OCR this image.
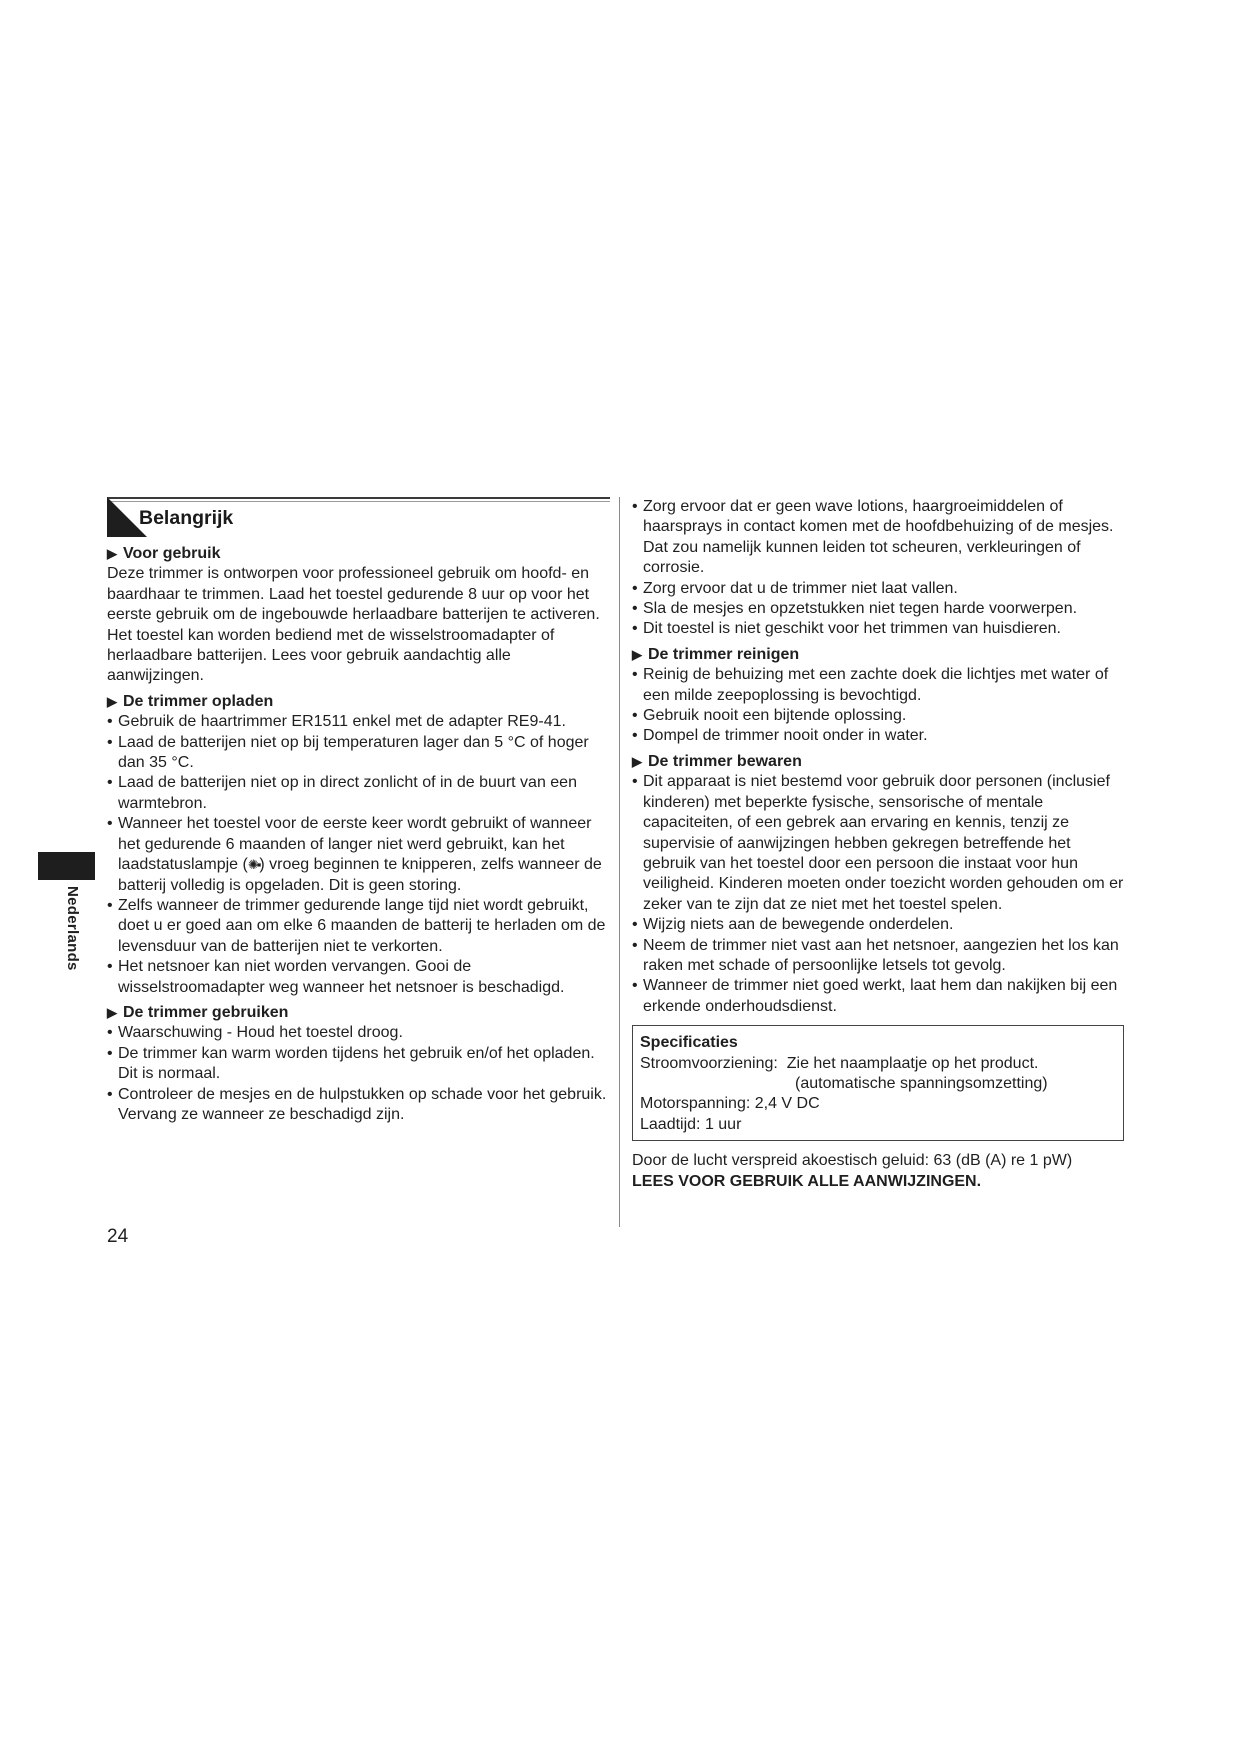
Nederlands
Belangrijk
▶ Voor gebruik

Deze trimmer is ontworpen voor professioneel gebruik om hoofd- en baardhaar te trimmen. Laad het toestel gedurende 8 uur op voor het eerste gebruik om de ingebouwde herlaadbare batterijen te activeren. Het toestel kan worden bediend met de wisselstroomadapter of herlaadbare batterijen. Lees voor gebruik aandachtig alle aanwijzingen.

▶ De trimmer opladen
• Gebruik de haartrimmer ER1511 enkel met de adapter RE9-41.
• Laad de batterijen niet op bij temperaturen lager dan 5 °C of hoger dan 35 °C.
• Laad de batterijen niet op in direct zonlicht of in de buurt van een warmtebron.
• Wanneer het toestel voor de eerste keer wordt gebruikt of wanneer het gedurende 6 maanden of langer niet werd gebruikt, kan het laadstatuslampje (✺▪) vroeg beginnen te knipperen, zelfs wanneer de batterij volledig is opgeladen. Dit is geen storing.
• Zelfs wanneer de trimmer gedurende lange tijd niet wordt gebruikt, doet u er goed aan om elke 6 maanden de batterij te herladen om de levensduur van de batterijen niet te verkorten.
• Het netsnoer kan niet worden vervangen. Gooi de wisselstroomadapter weg wanneer het netsnoer is beschadigd.
▶ De trimmer gebruiken
• Waarschuwing - Houd het toestel droog.
• De trimmer kan warm worden tijdens het gebruik en/of het opladen. Dit is normaal.
• Controleer de mesjes en de hulpstukken op schade voor het gebruik. Vervang ze wanneer ze beschadigd zijn.
• Zorg ervoor dat er geen wave lotions, haargroeimiddelen of haarsprays in contact komen met de hoofdbehuizing of de mesjes.

Dat zou namelijk kunnen leiden tot scheuren, verkleuringen of corrosie.

• Zorg ervoor dat u de trimmer niet laat vallen.
• Sla de mesjes en opzetstukken niet tegen harde voorwerpen.
• Dit toestel is niet geschikt voor het trimmen van huisdieren.
▶ De trimmer reinigen
• Reinig de behuizing met een zachte doek die lichtjes met water of een milde zeepoplossing is bevochtigd.
• Gebruik nooit een bijtende oplossing.
• Dompel de trimmer nooit onder in water.
▶ De trimmer bewaren
• Dit apparaat is niet bestemd voor gebruik door personen (inclusief kinderen) met beperkte fysische, sensorische of mentale capaciteiten, of een gebrek aan ervaring en kennis, tenzij ze supervisie of aanwijzingen hebben gekregen betreffende het gebruik van het toestel door een persoon die instaat voor hun veiligheid. Kinderen moeten onder toezicht worden gehouden om er zeker van te zijn dat ze niet met het toestel spelen.
• Wijzig niets aan de bewegende onderdelen.
• Neem de trimmer niet vast aan het netsnoer, aangezien het los kan raken met schade of persoonlijke letsels tot gevolg.
• Wanneer de trimmer niet goed werkt, laat hem dan nakijken bij een erkende onderhoudsdienst.
Specificaties
Stroomvoorziening:
Zie het naamplaatje op het product.
(automatische spanningsomzetting)
Motorspanning: 2,4 V DC
Laadtijd: 1 uur

Door de lucht verspreid akoestisch geluid: 63 (dB (A) re 1 pW)

LEES VOOR GEBRUIK ALLE AANWIJZINGEN.

24
